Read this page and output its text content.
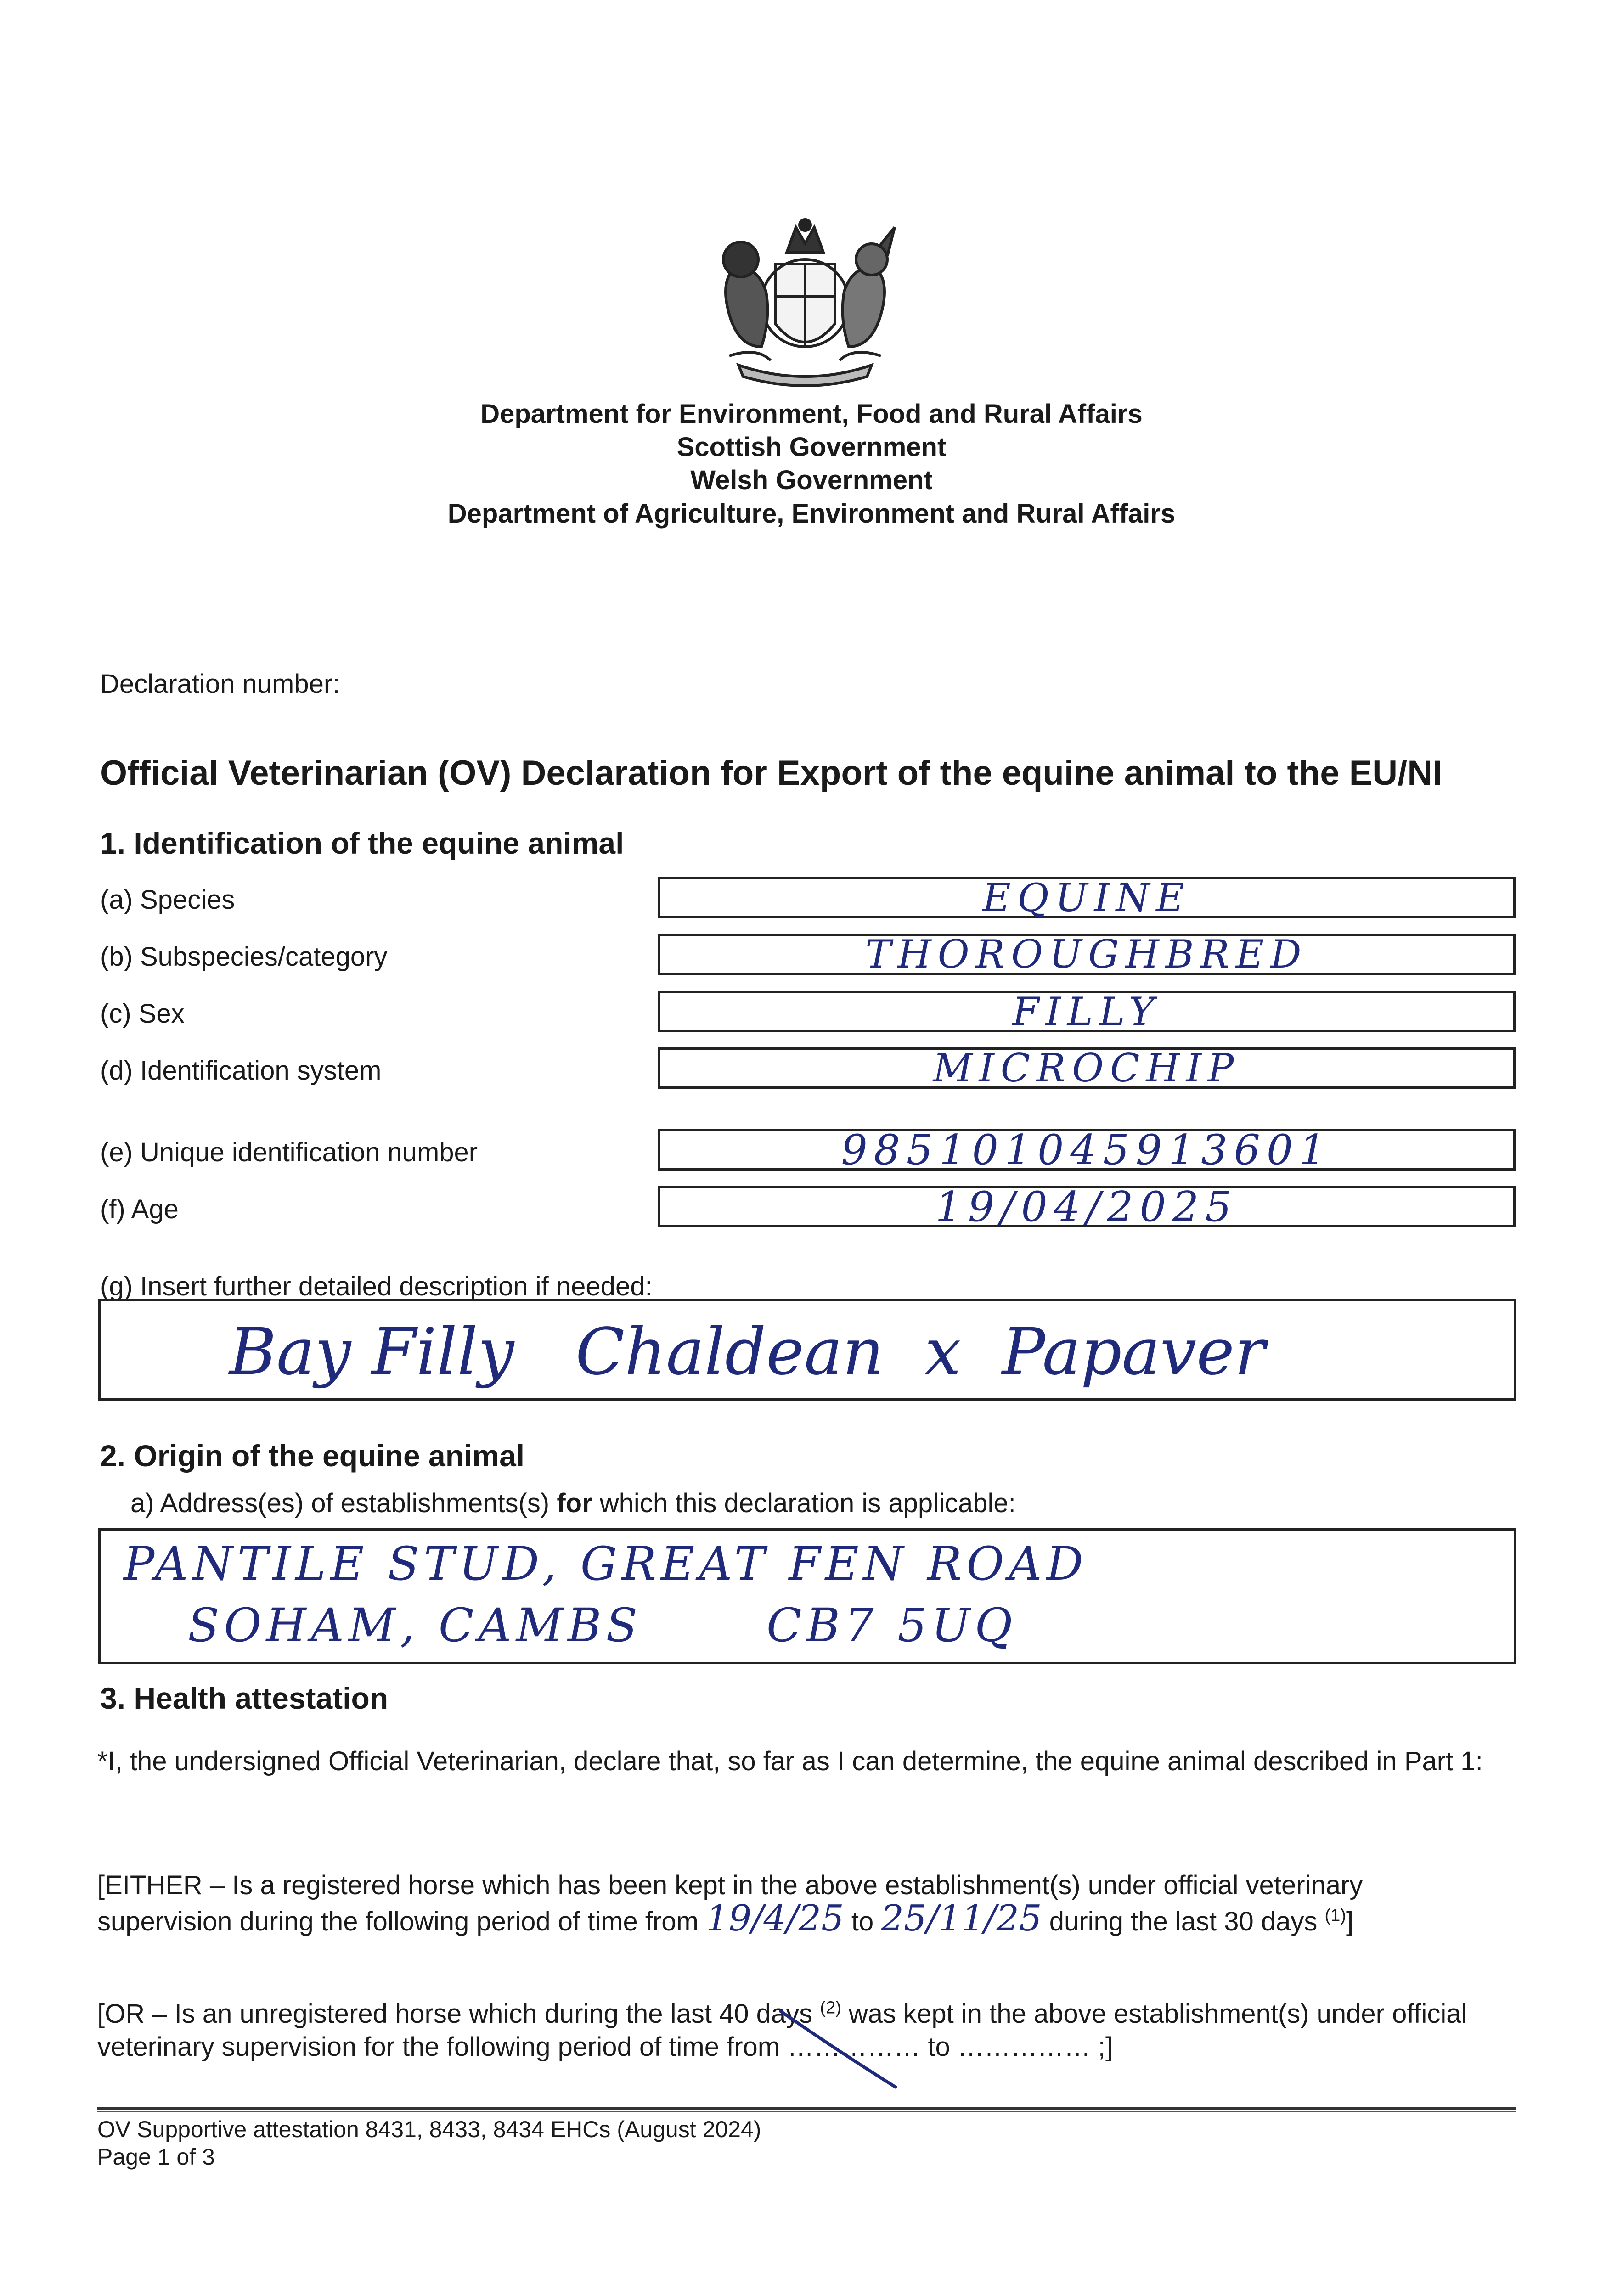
Department for Environment, Food and Rural Affairs
Scottish Government
Welsh Government
Department of Agriculture, Environment and Rural Affairs
Declaration number:
Official Veterinarian (OV) Declaration for Export of the equine animal to the EU/NI
1. Identification of the equine animal
(a) Species	EQUINE
(b) Subspecies/category	THOROUGHBRED
(c) Sex	FILLY
(d) Identification system	MICROCHIP
(e) Unique identification number	985101045913601
(f) Age	19/04/2025
(g) Insert further detailed description if needed:
Bay Filly   Chaldean  x  Papaver
2. Origin of the equine animal
a) Address(es) of establishments(s) for which this declaration is applicable:
PANTILE STUD, GREAT FEN ROAD
SOHAM, CAMBS	CB7 5UQ
3. Health attestation
*I, the undersigned Official Veterinarian, declare that, so far as I can determine, the equine animal described in Part 1:
[EITHER – Is a registered horse which has been kept in the above establishment(s) under official veterinary
supervision during the following period of time from 19/4/25 to 25/11/25 during the last 30 days $^{(1)}$]
[OR – Is an unregistered horse which during the last 40 days $^{(2)}$ was kept in the above establishment(s) under official
veterinary supervision for the following period of time from …………… to …………… ;]
OV Supportive attestation 8431, 8433, 8434 EHCs (August 2024)
Page 1 of 3
